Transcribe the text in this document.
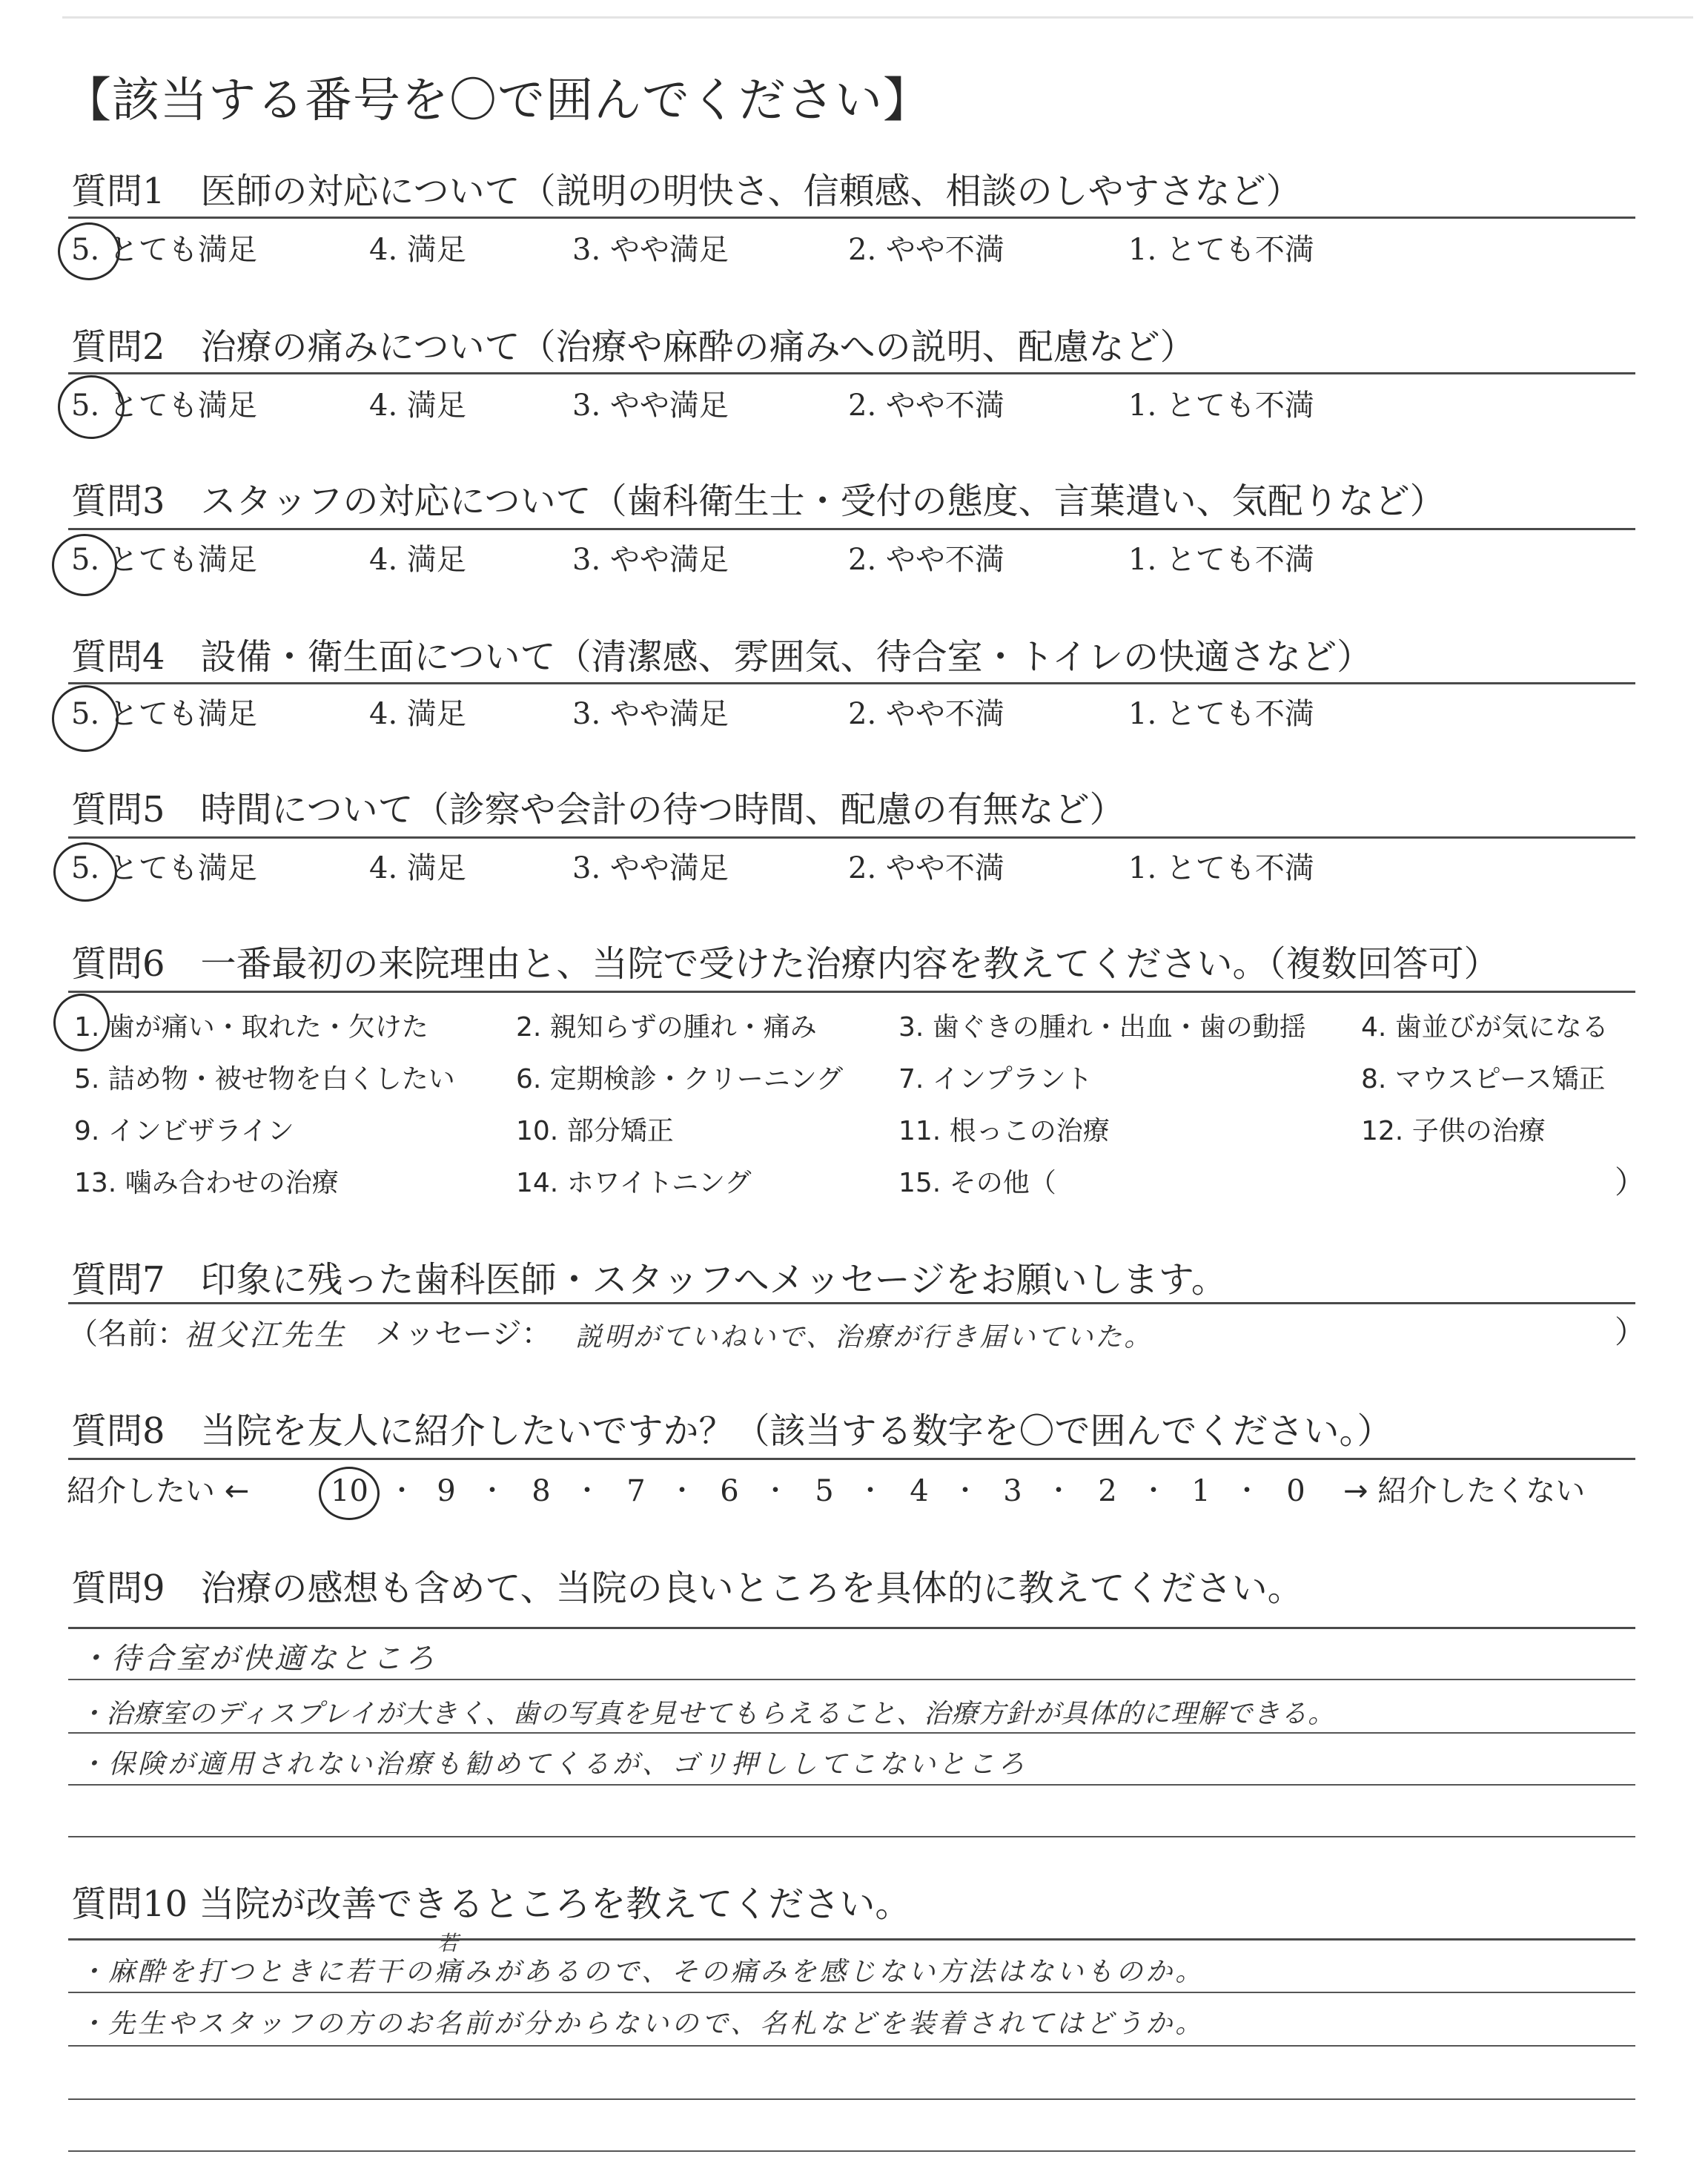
【該当する番号を〇で囲んでください】
質問1　医師の対応について（説明の明快さ、信頼感、相談のしやすさなど）
5. とても満足	4. 満足	3. やや満足	2. やや不満	1. とても不満
質問2　治療の痛みについて（治療や麻酔の痛みへの説明、配慮など）
5. とても満足	4. 満足	3. やや満足	2. やや不満	1. とても不満
質問3　スタッフの対応について（歯科衛生士・受付の態度、言葉遣い、気配りなど）
5. とても満足	4. 満足	3. やや満足	2. やや不満	1. とても不満
質問4　設備・衛生面について（清潔感、雰囲気、待合室・トイレの快適さなど）
5. とても満足	4. 満足	3. やや満足	2. やや不満	1. とても不満
質問5　時間について（診察や会計の待つ時間、配慮の有無など）
5. とても満足	4. 満足	3. やや満足	2. やや不満	1. とても不満
質問6　一番最初の来院理由と、当院で受けた治療内容を教えてください。（複数回答可）
1. 歯が痛い・取れた・欠けた	2. 親知らずの腫れ・痛み	3. 歯ぐきの腫れ・出血・歯の動揺 4. 歯並びが気になる
5. 詰め物・被せ物を白くしたい 6. 定期検診・クリーニング 7. インプラント	8. マウスピース矯正
9. インビザライン	10. 部分矯正	11. 根っこの治療	12. 子供の治療
13. 噛み合わせの治療	14. ホワイトニング	15. その他（	）
質問7　印象に残った歯科医師・スタッフへメッセージをお願いします。
（名前：
祖父江先生 メッセージ： 説明がていねいで、治療が行き届いていた。	）
質問8　当院を友人に紹介したいですか？（該当する数字を〇で囲んでください。）
紹介したい ←	→ 紹介したくない
10 ・ 9 ・ 8 ・ 7 ・ 6 ・ 5 ・ 4 ・ 3 ・ 2 ・ 1 ・ 0
質問9　治療の感想も含めて、当院の良いところを具体的に教えてください。
・待合室が快適なところ
・治療室のディスプレイが大きく、歯の写真を見せてもらえること、治療方針が具体的に理解できる。
・保険が適用されない治療も勧めてくるが、ゴリ押ししてこないところ
質問10 当院が改善できるところを教えてください。
若
・麻酔を打つときに若干の痛みがあるので、その痛みを感じない方法はないものか。
・先生やスタッフの方のお名前が分からないので、名札などを装着されてはどうか。
